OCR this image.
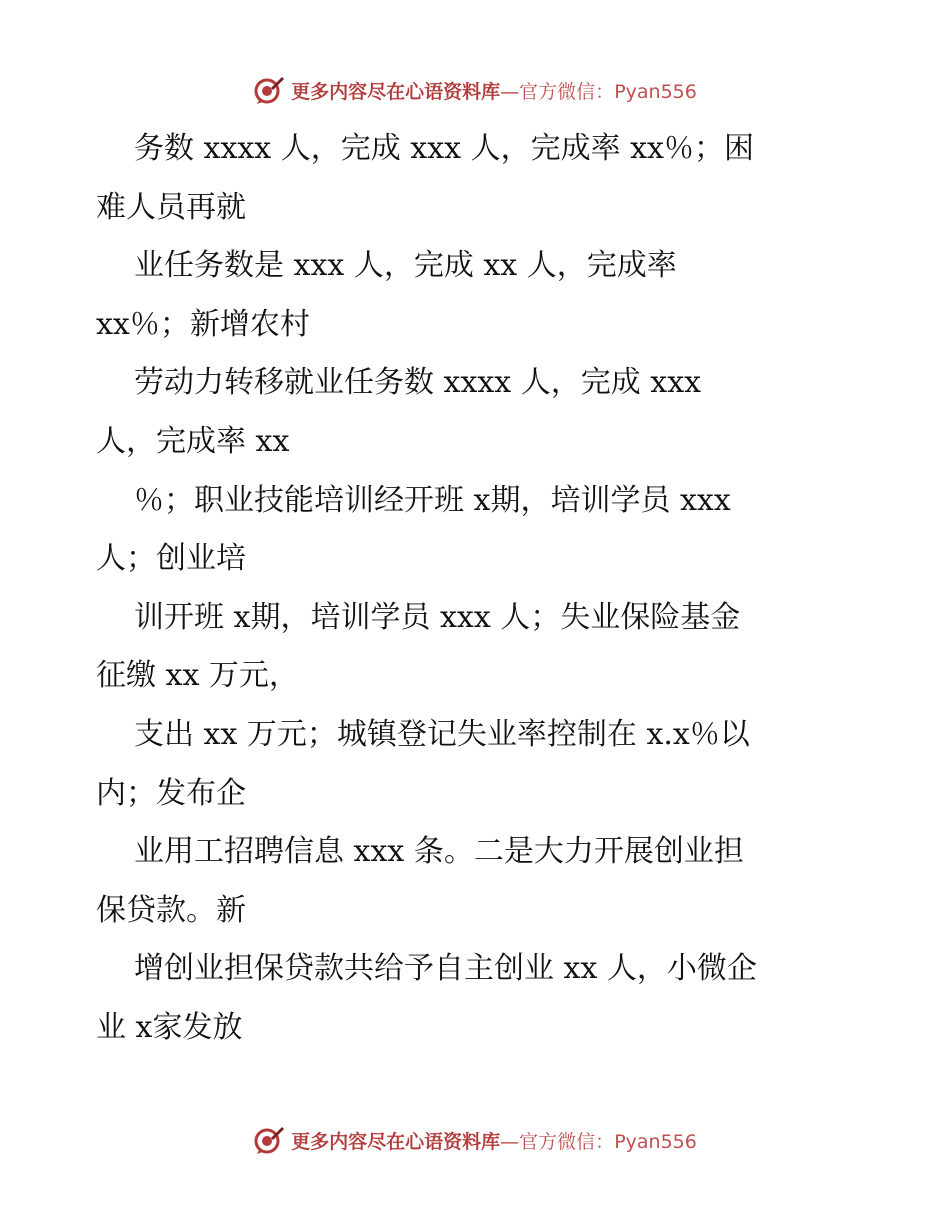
更多内容尽在心语资料库—官方微信：Pyan556
务数 xxxx 人，完成 xxx 人，完成率 xx％；困
难人员再就
业任务数是 xxx 人，完成 xx 人，完成率
xx％；新增农村
劳动力转移就业任务数 xxxx 人，完成 xxx
人，完成率 xx
％；职业技能培训经开班 x期，培训学员 xxx
人；创业培
训开班 x期，培训学员 xxx 人；失业保险基金
征缴 xx 万元，
支出 xx 万元；城镇登记失业率控制在 x.x％以
内；发布企
业用工招聘信息 xxx 条。二是大力开展创业担
保贷款。新
增创业担保贷款共给予自主创业 xx 人，小微企
业 x家发放
更多内容尽在心语资料库—官方微信：Pyan556
